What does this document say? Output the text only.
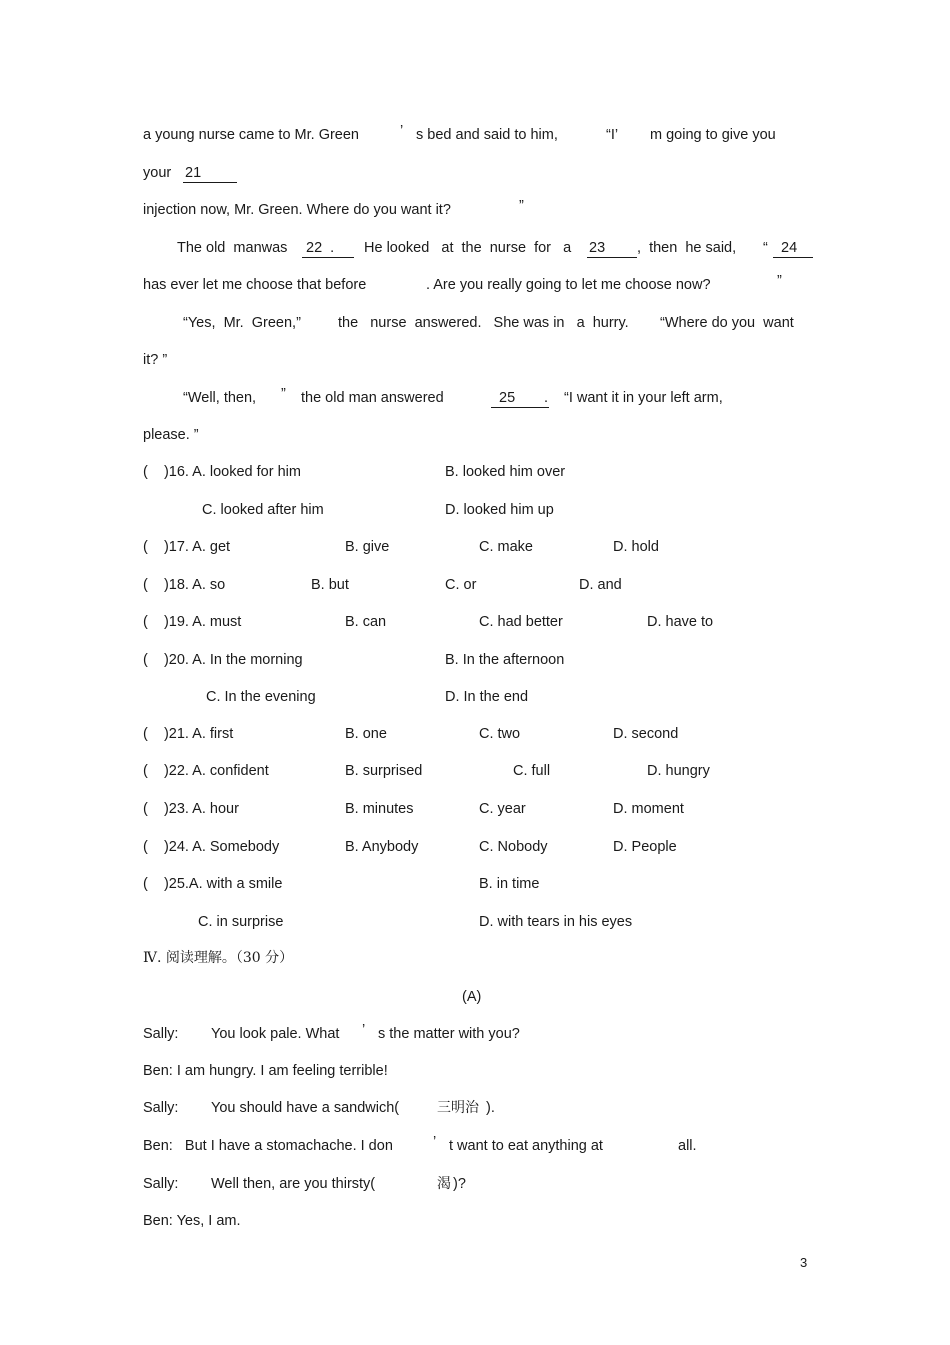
a young nurse came to Mr. Green	’ s bed and said to him,	“I’ m going to give you
your 21
injection now, Mr. Green. Where do you want it?	”
The old  manwas 22  .	He looked   at  the  nurse  for   a 23	,  then  he said, “ 24
has ever let me choose that before	. Are you really going to let me choose now?	”
“Yes,  Mr.  Green,”	the   nurse  answered.   She was in   a  hurry. “Where do you  want
it? ”
“Well, then, ” the old man answered	25	. “I want it in your left arm,
please. ”
(    )16. A. looked for him	B. looked him over
C. looked after him	D. looked him up
(    )17. A. get	B. give	C. make	D. hold
(    )18. A. so	B. but	C. or	D. and
(    )19. A. must	B. can	C. had better	D. have to
(    )20. A. In the morning	B. In the afternoon
C. In the evening	D. In the end
(    )21. A. first	B. one	C. two	D. second
(    )22. A. confident	B. surprised	C. full	D. hungry
(    )23. A. hour	B. minutes	C. year	D. moment
(    )24. A. Somebody	B. Anybody	C. Nobody	D. People
(    )25.A. with a smile	B. in time
C. in surprise	D. with tears in his eyes
Ⅳ. 阅读理解。（30 分）
(A)
Sally: You look pale. What ’ s the matter with you?
Ben: I am hungry. I am feeling terrible!
Sally: You should have a sandwich(	三明治 ).
Ben:   But I have a stomachache. I don	’ t want to eat anything at	all.
Sally: Well then, are you thirsty(	渴 )?
Ben: Yes, I am.
3
